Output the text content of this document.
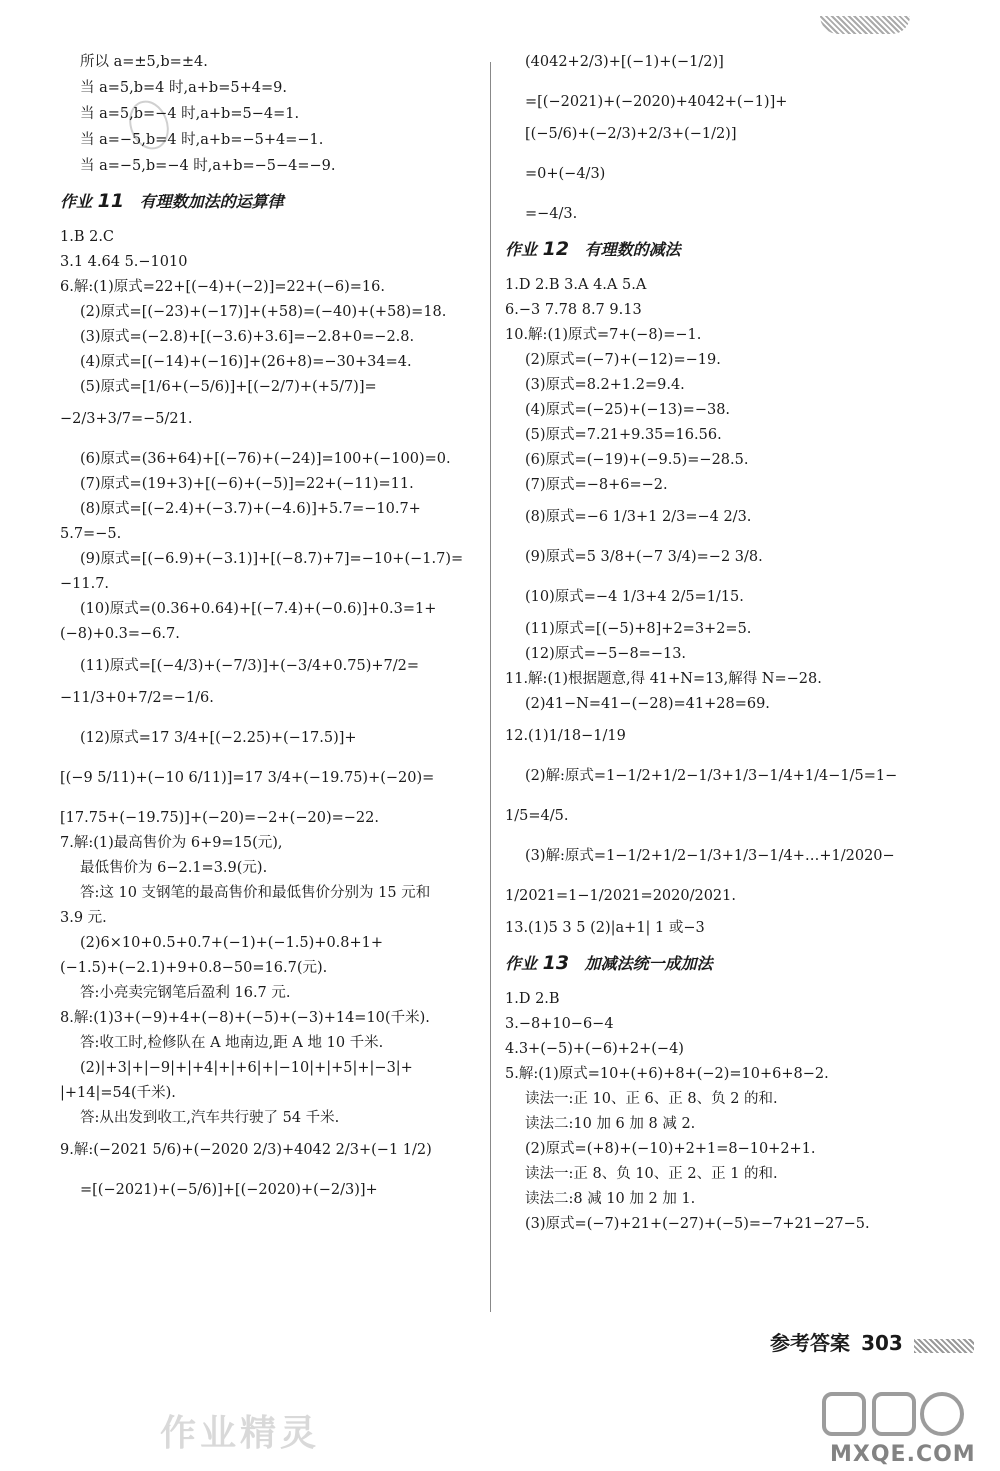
所以 a=±5,b=±4.
当 a=5,b=4 时,a+b=5+4=9.
当 a=5,b=−4 时,a+b=5−4=1.
当 a=−5,b=4 时,a+b=−5+4=−1.
当 a=−5,b=−4 时,a+b=−5−4=−9.
作业 11 有理数加法的运算律
1.B 2.C
3.1 4.64 5.−1010
6.解:(1)原式=22+[(−4)+(−2)]=22+(−6)=16.
(2)原式=[(−23)+(−17)]+(+58)=(−40)+(+58)=18.
(3)原式=(−2.8)+[(−3.6)+3.6]=−2.8+0=−2.8.
(4)原式=[(−14)+(−16)]+(26+8)=−30+34=4.
(5)原式=[1/6+(−5/6)]+[(−2/7)+(+5/7)]=
−2/3+3/7=−5/21.
(6)原式=(36+64)+[(−76)+(−24)]=100+(−100)=0.
(7)原式=(19+3)+[(−6)+(−5)]=22+(−11)=11.
(8)原式=[(−2.4)+(−3.7)+(−4.6)]+5.7=−10.7+
5.7=−5.
(9)原式=[(−6.9)+(−3.1)]+[(−8.7)+7]=−10+(−1.7)=
−11.7.
(10)原式=(0.36+0.64)+[(−7.4)+(−0.6)]+0.3=1+
(−8)+0.3=−6.7.
(11)原式=[(−4/3)+(−7/3)]+(−3/4+0.75)+7/2=
−11/3+0+7/2=−1/6.
(12)原式=17 3/4+[(−2.25)+(−17.5)]+
[(−9 5/11)+(−10 6/11)]=17 3/4+(−19.75)+(−20)=
[17.75+(−19.75)]+(−20)=−2+(−20)=−22.
7.解:(1)最高售价为 6+9=15(元),
最低售价为 6−2.1=3.9(元).
答:这 10 支钢笔的最高售价和最低售价分别为 15 元和
3.9 元.
(2)6×10+0.5+0.7+(−1)+(−1.5)+0.8+1+
(−1.5)+(−2.1)+9+0.8−50=16.7(元).
答:小亮卖完钢笔后盈利 16.7 元.
8.解:(1)3+(−9)+4+(−8)+(−5)+(−3)+14=10(千米).
答:收工时,检修队在 A 地南边,距 A 地 10 千米.
(2)|+3|+|−9|+|+4|+|+6|+|−10|+|+5|+|−3|+
|+14|=54(千米).
答:从出发到收工,汽车共行驶了 54 千米.
9.解:(−2021 5/6)+(−2020 2/3)+4042 2/3+(−1 1/2)
=[(−2021)+(−5/6)]+[(−2020)+(−2/3)]+
(4042+2/3)+[(−1)+(−1/2)]
=[(−2021)+(−2020)+4042+(−1)]+
[(−5/6)+(−2/3)+2/3+(−1/2)]
=0+(−4/3)
=−4/3.
作业 12 有理数的减法
1.D 2.B 3.A 4.A 5.A
6.−3 7.78 8.7 9.13
10.解:(1)原式=7+(−8)=−1.
(2)原式=(−7)+(−12)=−19.
(3)原式=8.2+1.2=9.4.
(4)原式=(−25)+(−13)=−38.
(5)原式=7.21+9.35=16.56.
(6)原式=(−19)+(−9.5)=−28.5.
(7)原式=−8+6=−2.
(8)原式=−6 1/3+1 2/3=−4 2/3.
(9)原式=5 3/8+(−7 3/4)=−2 3/8.
(10)原式=−4 1/3+4 2/5=1/15.
(11)原式=[(−5)+8]+2=3+2=5.
(12)原式=−5−8=−13.
11.解:(1)根据题意,得 41+N=13,解得 N=−28.
(2)41−N=41−(−28)=41+28=69.
12.(1)1/18−1/19
(2)解:原式=1−1/2+1/2−1/3+1/3−1/4+1/4−1/5=1−
1/5=4/5.
(3)解:原式=1−1/2+1/2−1/3+1/3−1/4+…+1/2020−
1/2021=1−1/2021=2020/2021.
13.(1)5 3 5 (2)|a+1| 1 或−3
作业 13 加减法统一成加法
1.D 2.B
3.−8+10−6−4
4.3+(−5)+(−6)+2+(−4)
5.解:(1)原式=10+(+6)+8+(−2)=10+6+8−2.
读法一:正 10、正 6、正 8、负 2 的和.
读法二:10 加 6 加 8 减 2.
(2)原式=(+8)+(−10)+2+1=8−10+2+1.
读法一:正 8、负 10、正 2、正 1 的和.
读法二:8 减 10 加 2 加 1.
(3)原式=(−7)+21+(−27)+(−5)=−7+21−27−5.
参考答案 303
作业精灵
MXQE.COM
